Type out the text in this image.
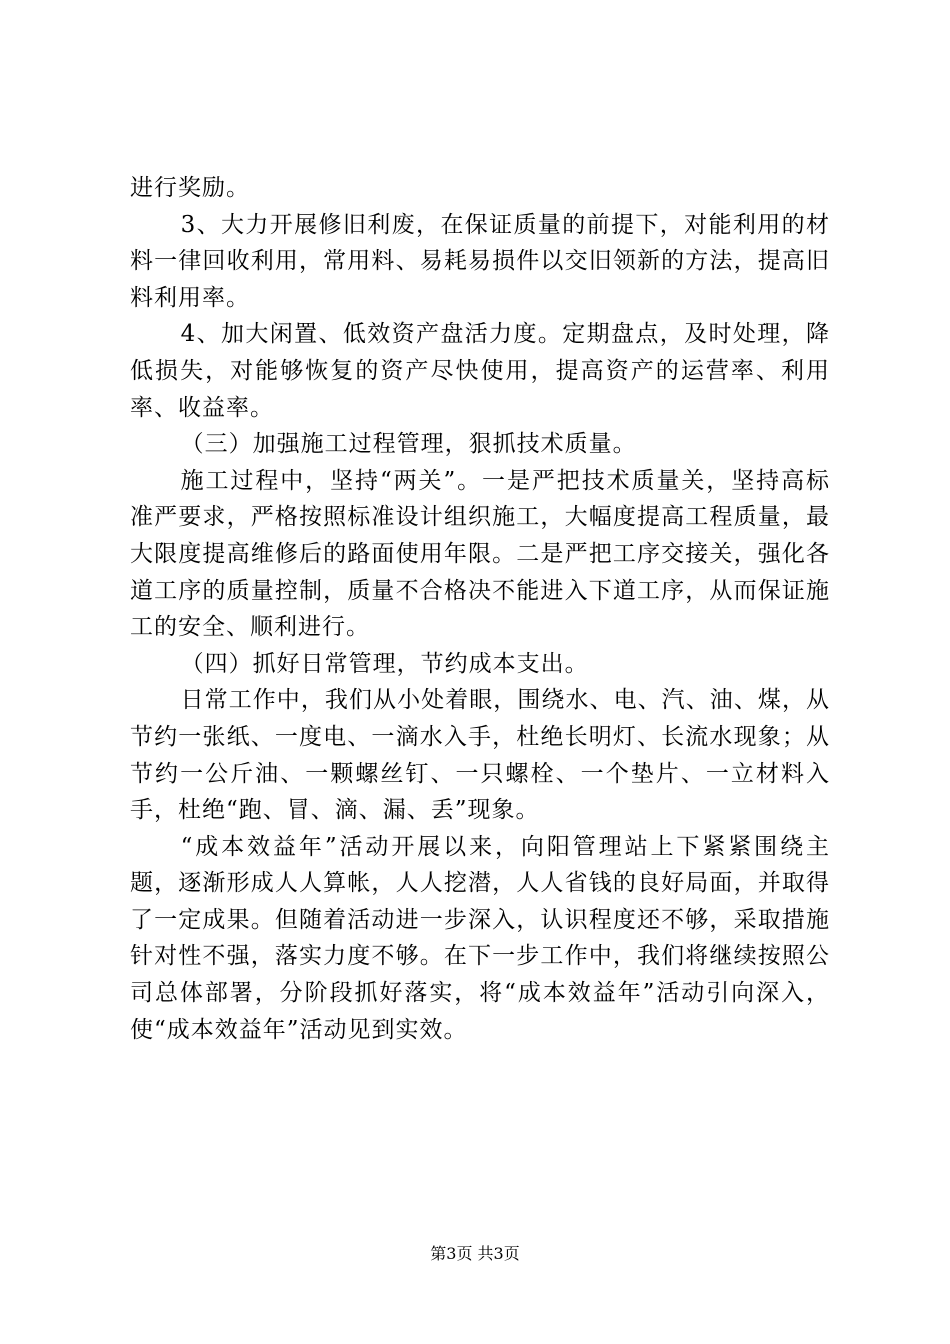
进行奖励。

3、大力开展修旧利废，在保证质量的前提下，对能利用的材料一律回收利用，常用料、易耗易损件以交旧领新的方法，提高旧料利用率。

4、加大闲置、低效资产盘活力度。定期盘点，及时处理，降低损失，对能够恢复的资产尽快使用，提高资产的运营率、利用率、收益率。

（三）加强施工过程管理，狠抓技术质量。

施工过程中，坚持“两关”。一是严把技术质量关，坚持高标准严要求，严格按照标准设计组织施工，大幅度提高工程质量，最大限度提高维修后的路面使用年限。二是严把工序交接关，强化各道工序的质量控制，质量不合格决不能进入下道工序，从而保证施工的安全、顺利进行。

（四）抓好日常管理，节约成本支出。

日常工作中，我们从小处着眼，围绕水、电、汽、油、煤，从节约一张纸、一度电、一滴水入手，杜绝长明灯、长流水现象；从节约一公斤油、一颗螺丝钉、一只螺栓、一个垫片、一立材料入手，杜绝“跑、冒、滴、漏、丢”现象。

“成本效益年”活动开展以来，向阳管理站上下紧紧围绕主题，逐渐形成人人算帐，人人挖潜，人人省钱的良好局面，并取得了一定成果。但随着活动进一步深入，认识程度还不够，采取措施针对性不强，落实力度不够。在下一步工作中，我们将继续按照公司总体部署，分阶段抓好落实，将“成本效益年”活动引向深入，使“成本效益年”活动见到实效。

第3页 共3页
